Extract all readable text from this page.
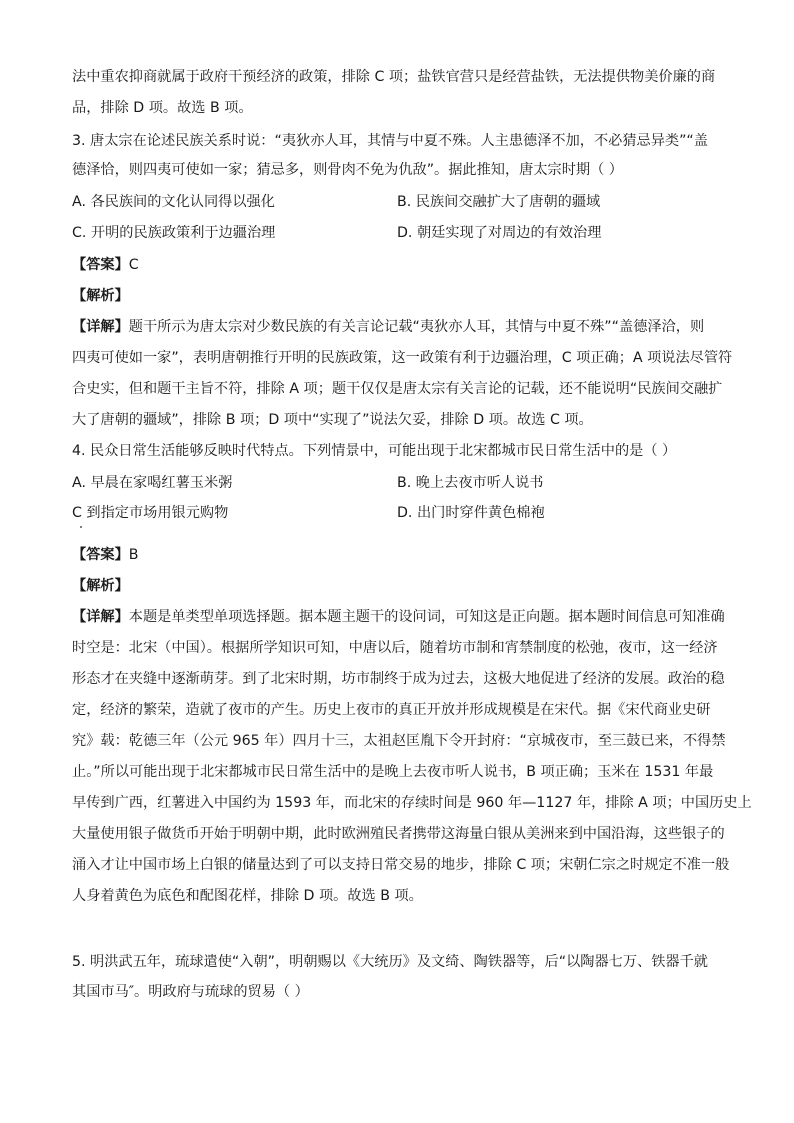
法中重农抑商就属于政府干预经济的政策，排除 C 项；盐铁官营只是经营盐铁，无法提供物美价廉的商
品，排除 D 项。故选 B 项。
3. 唐太宗在论述民族关系时说：“夷狄亦人耳，其情与中夏不殊。人主患德泽不加，不必猜忌异类”“盖
德泽恰，则四夷可使如一家；猜忌多，则骨肉不免为仇敌”。据此推知，唐太宗时期（ ）
A. 各民族间的文化认同得以强化	B. 民族间交融扩大了唐朝的疆域
C. 开明的民族政策利于边疆治理	D. 朝廷实现了对周边的有效治理
【答案】C
【解析】
【详解】题干所示为唐太宗对少数民族的有关言论记载“夷狄亦人耳，其情与中夏不殊”“盖德泽洽，则
四夷可使如一家”，表明唐朝推行开明的民族政策，这一政策有利于边疆治理，C 项正确；A 项说法尽管符
合史实，但和题干主旨不符，排除 A 项；题干仅仅是唐太宗有关言论的记载，还不能说明“民族间交融扩
大了唐朝的疆域”，排除 B 项；D 项中“实现了”说法欠妥，排除 D 项。故选 C 项。
4. 民众日常生活能够反映时代特点。下列情景中，可能出现于北宋都城市民日常生活中的是（ ）
A. 早晨在家喝红薯玉米粥	B. 晚上去夜市听人说书
C 到指定市场用银元购物	D. 出门时穿件黄色棉袍
【答案】B
【解析】
【详解】本题是单类型单项选择题。据本题主题干的设问词，可知这是正向题。据本题时间信息可知准确
时空是：北宋（中国）。根据所学知识可知，中唐以后，随着坊市制和宵禁制度的松弛，夜市，这一经济
形态才在夹缝中逐渐萌芽。到了北宋时期，坊市制终于成为过去，这极大地促进了经济的发展。政治的稳
定，经济的繁荣，造就了夜市的产生。历史上夜市的真正开放并形成规模是在宋代。据《宋代商业史研
究》载：乾德三年（公元 965 年）四月十三，太祖赵匡胤下令开封府：“京城夜市，至三鼓已来，不得禁
止。”所以可能出现于北宋都城市民日常生活中的是晚上去夜市听人说书，B 项正确；玉米在 1531 年最
早传到广西，红薯进入中国约为 1593 年，而北宋的存续时间是 960 年—1127 年，排除 A 项；中国历史上
大量使用银子做货币开始于明朝中期，此时欧洲殖民者携带这海量白银从美洲来到中国沿海，这些银子的
涌入才让中国市场上白银的储量达到了可以支持日常交易的地步，排除 C 项；宋朝仁宗之时规定不准一般
人身着黄色为底色和配图花样，排除 D 项。故选 B 项。
5. 明洪武五年，琉球遣使“入朝”，明朝赐以《大统历》及文绮、陶铁器等，后“以陶器七万、铁器千就
其国市马″。明政府与琉球的贸易（ ）
